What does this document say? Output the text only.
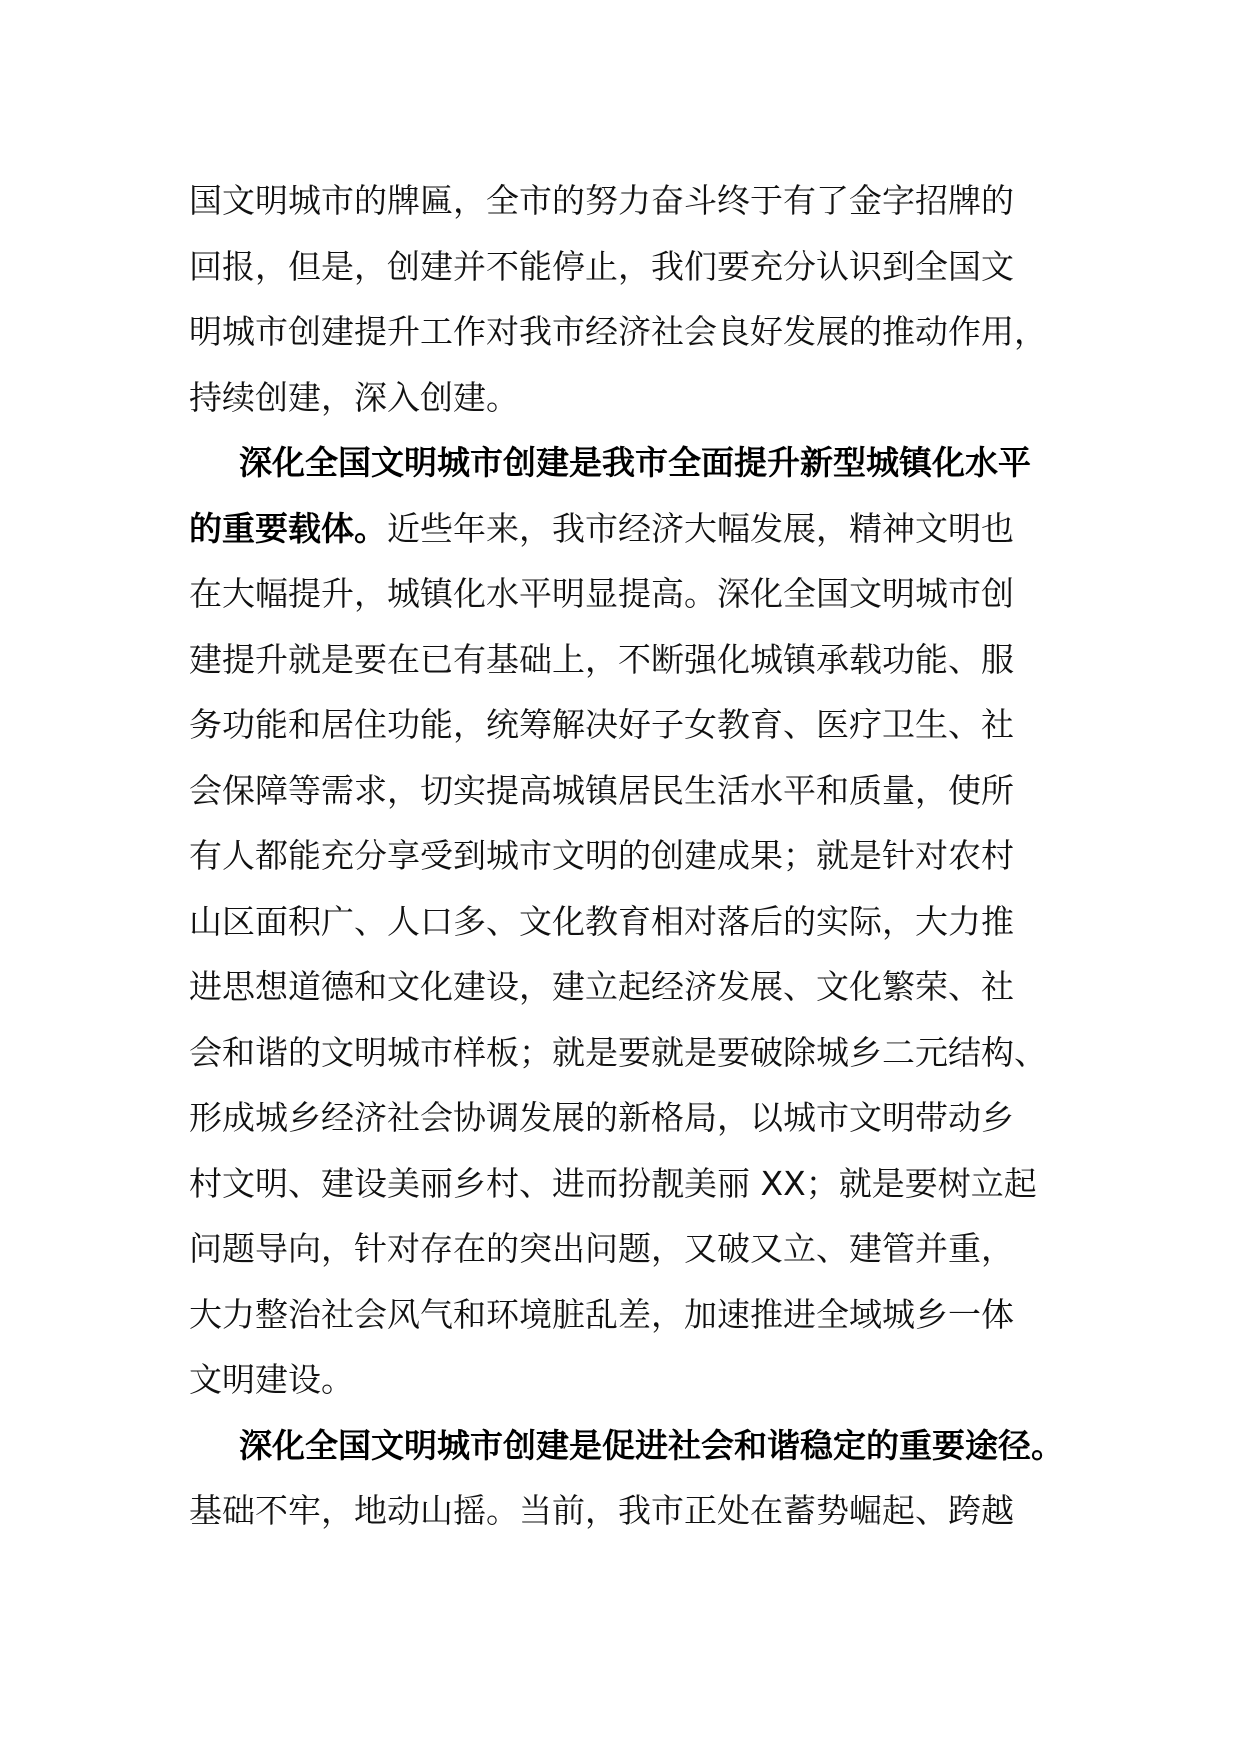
国文明城市的牌匾，全市的努力奋斗终于有了金字招牌的
回报，但是，创建并不能停止，我们要充分认识到全国文
明城市创建提升工作对我市经济社会良好发展的推动作用，
持续创建，深入创建。
深化全国文明城市创建是我市全面提升新型城镇化水平
的重要载体。近些年来，我市经济大幅发展，精神文明也
在大幅提升，城镇化水平明显提高。深化全国文明城市创
建提升就是要在已有基础上，不断强化城镇承载功能、服
务功能和居住功能，统筹解决好子女教育、医疗卫生、社
会保障等需求，切实提高城镇居民生活水平和质量，使所
有人都能充分享受到城市文明的创建成果；就是针对农村
山区面积广、人口多、文化教育相对落后的实际，大力推
进思想道德和文化建设，建立起经济发展、文化繁荣、社
会和谐的文明城市样板；就是要就是要破除城乡二元结构、
形成城乡经济社会协调发展的新格局，以城市文明带动乡
村文明、建设美丽乡村、进而扮靓美丽 XX；就是要树立起
问题导向，针对存在的突出问题，又破又立、建管并重，
大力整治社会风气和环境脏乱差，加速推进全域城乡一体
文明建设。
深化全国文明城市创建是促进社会和谐稳定的重要途径。
基础不牢，地动山摇。当前，我市正处在蓄势崛起、跨越
